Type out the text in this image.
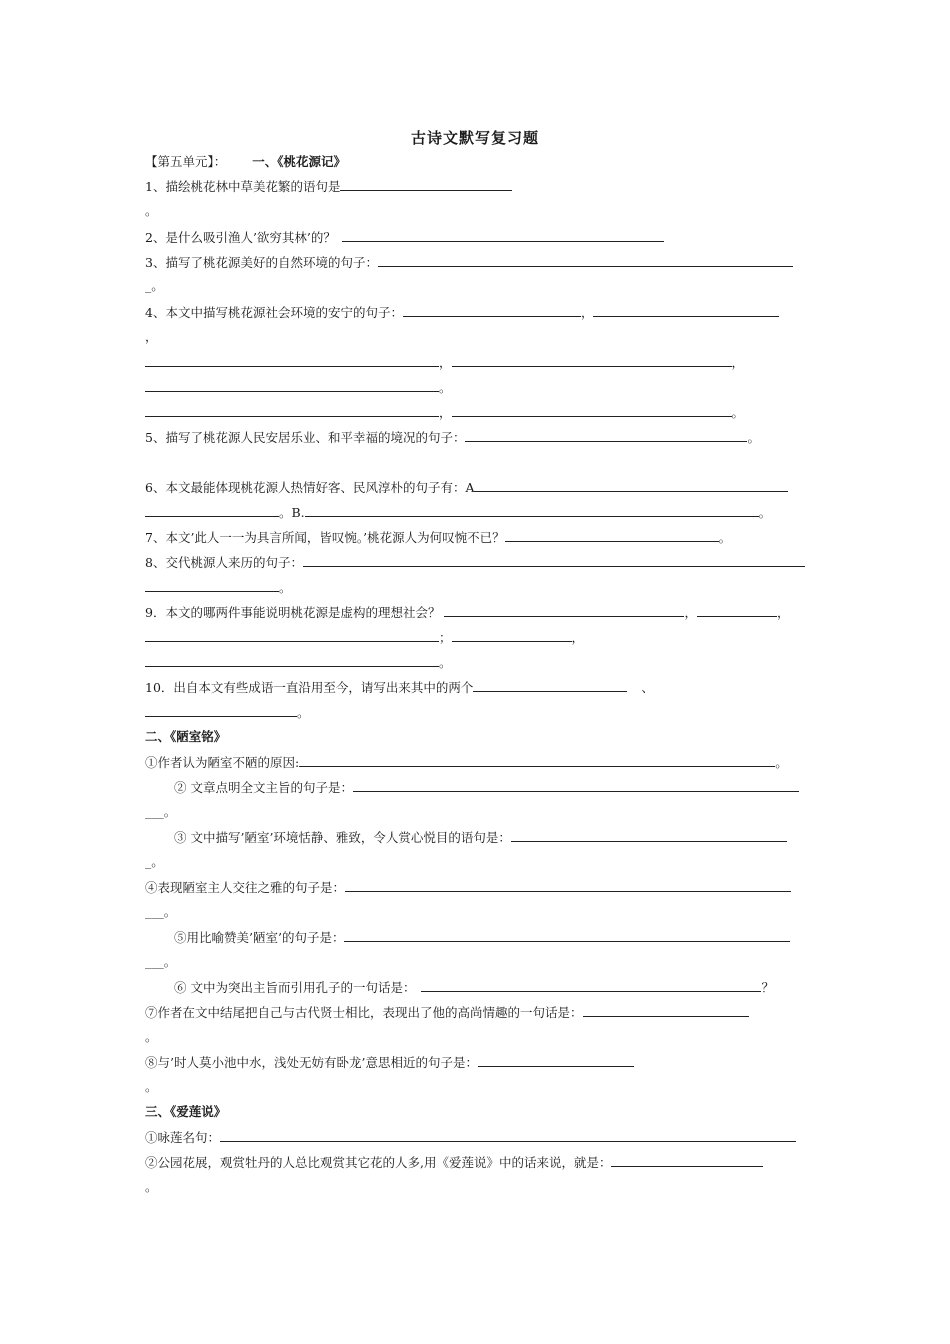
古诗文默写复习题
【第五单元】： 一、《桃花源记》
1、描绘桃花林中草美花繁的语句是
。
2、是什么吸引渔人’欲穷其林’的？
3、描写了桃花源美好的自然环境的句子：
_。
4、本文中描写桃花源社会环境的安宁的句子：	，
，
，	，
。
，	。
5、描写了桃花源人民安居乐业、和平幸福的境况的句子：	。
6、本文最能体现桃花源人热情好客、民风淳朴的句子有：A
。B.	。
7、本文’此人一一为具言所闻，皆叹惋。’桃花源人为何叹惋不已？	。
8、交代桃源人来历的句子：
。
9．本文的哪两件事能说明桃花源是虚构的理想社会？	，	，
；	，
。
10．出自本文有些成语一直沿用至今，请写出来其中的两个	、
。
二、《陋室铭》
①作者认为陋室不陋的原因:	。
② 文章点明全文主旨的句子是：
___。
③ 文中描写’陋室’环境恬静、雅致，令人赏心悦目的语句是：
_。
④表现陋室主人交往之雅的句子是：
___。
⑤用比喻赞美’陋室’的句子是：
___。
⑥ 文中为突出主旨而引用孔子的一句话是：	？
⑦作者在文中结尾把自己与古代贤士相比，表现出了他的高尚情趣的一句话是：
。
⑧与’时人莫小池中水，浅处无妨有卧龙’意思相近的句子是：
。
三、《爱莲说》
①咏莲名句：
②公园花展，观赏牡丹的人总比观赏其它花的人多,用《爱莲说》中的话来说，就是：
。
